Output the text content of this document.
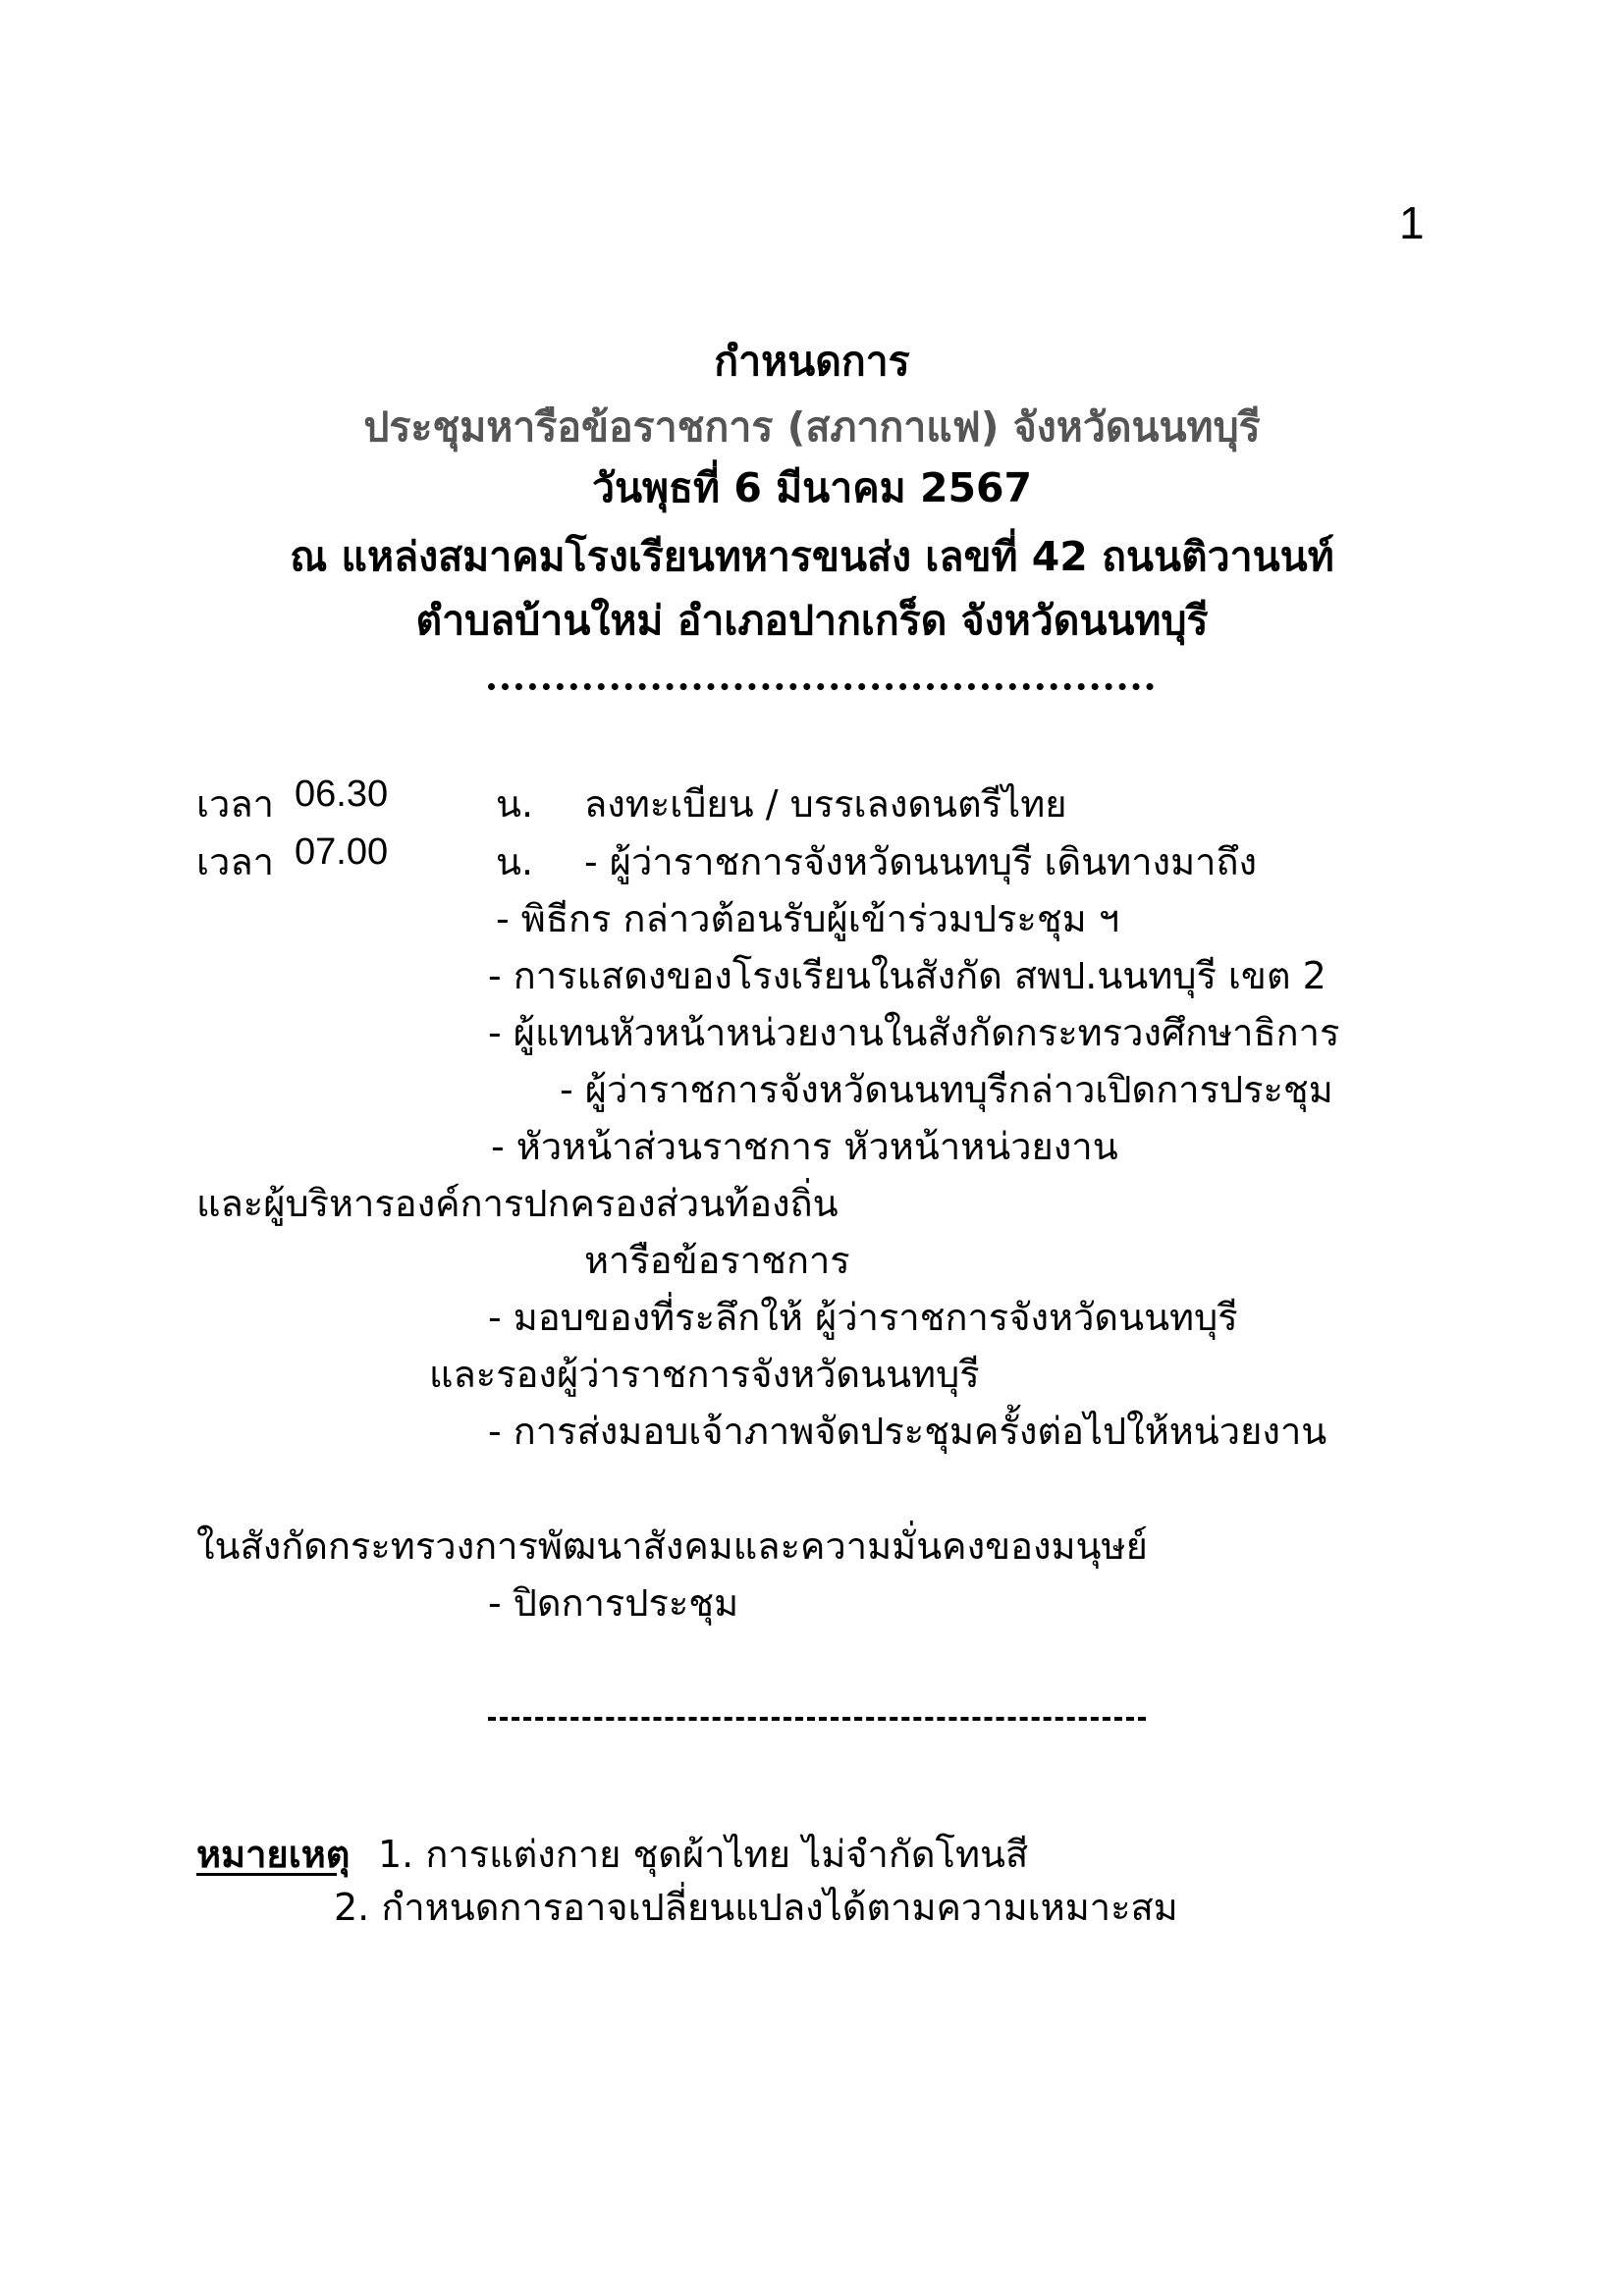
1
กำหนดการ
ประชุมหารือข้อราชการ (สภากาแฟ) จังหวัดนนทบุรี
วันพุธที่ 6 มีนาคม 2567
ณ แหล่งสมาคมโรงเรียนทหารขนส่ง เลขที่ 42 ถนนติวานนท์
ตำบลบ้านใหม่ อำเภอปากเกร็ด จังหวัดนนทบุรี
เวลา 06.30	น. ลงทะเบียน / บรรเลงดนตรีไทย
เวลา 07.00	น. - ผู้ว่าราชการจังหวัดนนทบุรี เดินทางมาถึง
- พิธีกร กล่าวต้อนรับผู้เข้าร่วมประชุม ฯ
- การแสดงของโรงเรียนในสังกัด สพป.นนทบุรี เขต 2
- ผู้แทนหัวหน้าหน่วยงานในสังกัดกระทรวงศึกษาธิการ
- ผู้ว่าราชการจังหวัดนนทบุรีกล่าวเปิดการประชุม
- หัวหน้าส่วนราชการ หัวหน้าหน่วยงาน
และผู้บริหารองค์การปกครองส่วนท้องถิ่น
หารือข้อราชการ
- มอบของที่ระลึกให้ ผู้ว่าราชการจังหวัดนนทบุรี
และรองผู้ว่าราชการจังหวัดนนทบุรี
- การส่งมอบเจ้าภาพจัดประชุมครั้งต่อไปให้หน่วยงาน
ในสังกัดกระทรวงการพัฒนาสังคมและความมั่นคงของมนุษย์
- ปิดการประชุม
หมายเหตุ 1. การแต่งกาย ชุดผ้าไทย ไม่จำกัดโทนสี
2. กำหนดการอาจเปลี่ยนแปลงได้ตามความเหมาะสม
